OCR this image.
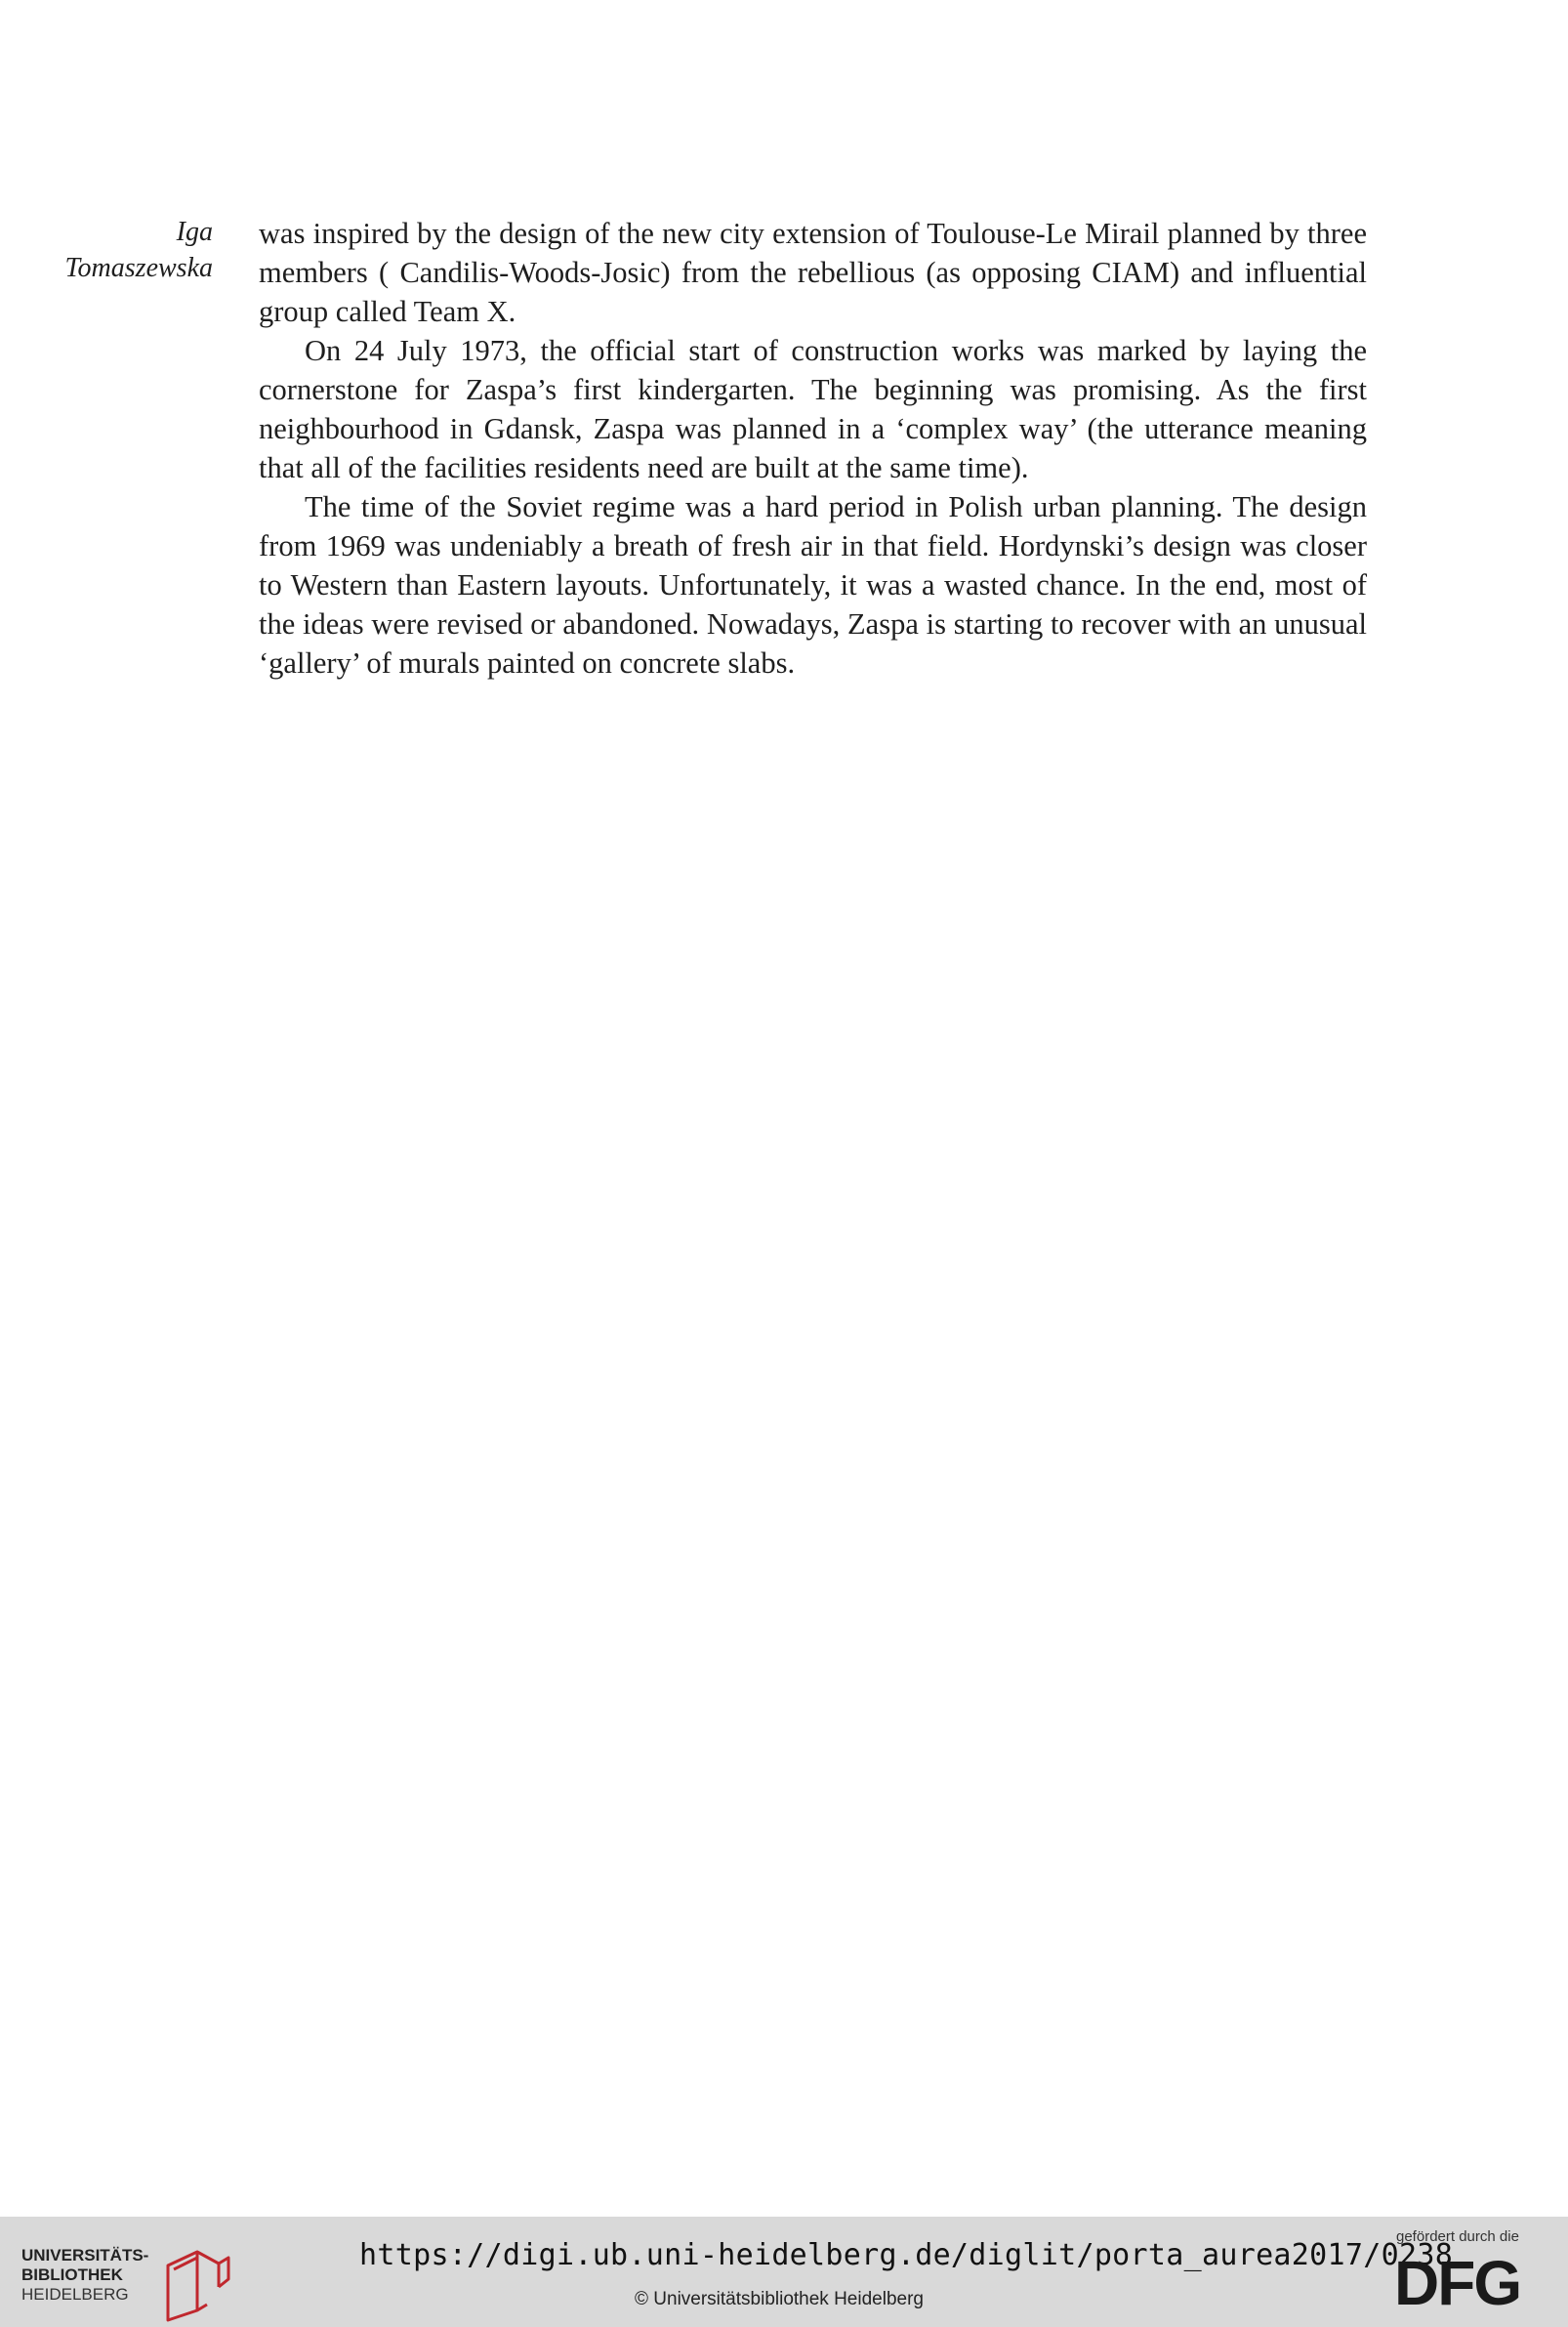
Iga
Tomaszewska

was inspired by the design of the new city extension of Toulouse-Le Mirail planned by three members ( Candilis-Woods-Josic) from the rebellious (as opposing CIAM) and influential group called Team X.

On 24 July 1973, the official start of construction works was marked by laying the cornerstone for Zaspa’s first kindergarten. The beginning was promising. As the first neighbourhood in Gdansk, Zaspa was planned in a ‘complex way’ (the utterance meaning that all of the facilities residents need are built at the same time).

The time of the Soviet regime was a hard period in Polish urban planning. The design from 1969 was undeniably a breath of fresh air in that field. Hordynski’s design was closer to Western than Eastern layouts. Unfortunately, it was a wasted chance. In the end, most of the ideas were revised or abandoned. Nowadays, Zaspa is starting to recover with an unusual ‘gallery’ of murals painted on concrete slabs.

UNIVERSITÄTS-
BIBLIOTHEK
HEIDELBERG
https://digi.ub.uni-heidelberg.de/diglit/porta_aurea2017/0238
© Universitätsbibliothek Heidelberg
gefördert durch die
DFG
